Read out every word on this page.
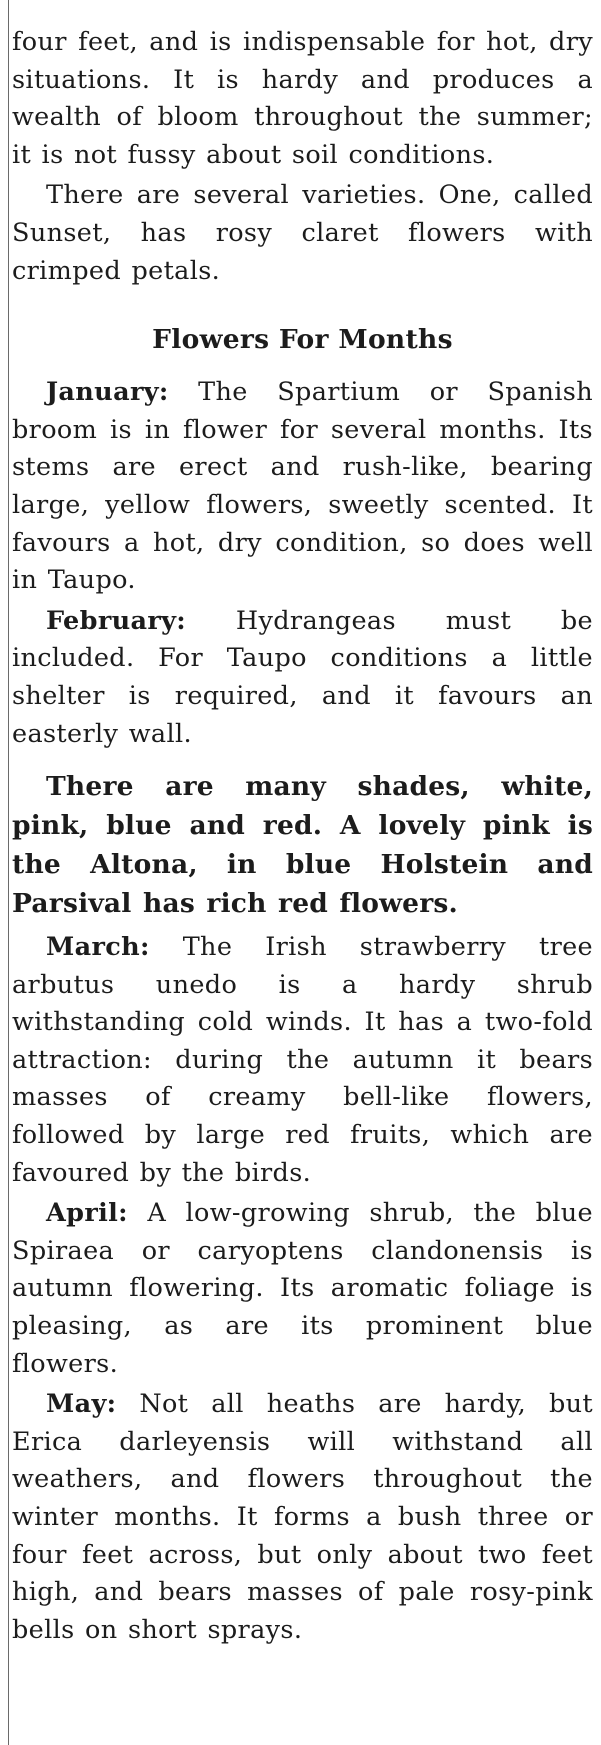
four feet, and is indispensable for hot, dry situations. It is hardy and produces a wealth of bloom throughout the summer; it is not fussy about soil conditions.

There are several varieties. One, called Sunset, has rosy claret flowers with crimped petals.

Flowers For Months

January: The Spartium or Spanish broom is in flower for several months. Its stems are erect and rush-like, bearing large, yellow flowers, sweetly scented. It favours a hot, dry condition, so does well in Taupo.

February: Hydrangeas must be included. For Taupo conditions a little shelter is required, and it favours an easterly wall.

There are many shades, white, pink, blue and red. A lovely pink is the Altona, in blue Holstein and Parsival has rich red flowers.

March: The Irish strawberry tree arbutus unedo is a hardy shrub withstanding cold winds. It has a two-fold attraction: during the autumn it bears masses of creamy bell-like flowers, followed by large red fruits, which are favoured by the birds.

April: A low-growing shrub, the blue Spiraea or caryoptens clandonensis is autumn flowering. Its aromatic foliage is pleasing, as are its prominent blue flowers.

May: Not all heaths are hardy, but Erica darleyensis will withstand all weathers, and flowers throughout the winter months. It forms a bush three or four feet across, but only about two feet high, and bears masses of pale rosy-pink bells on short sprays.
